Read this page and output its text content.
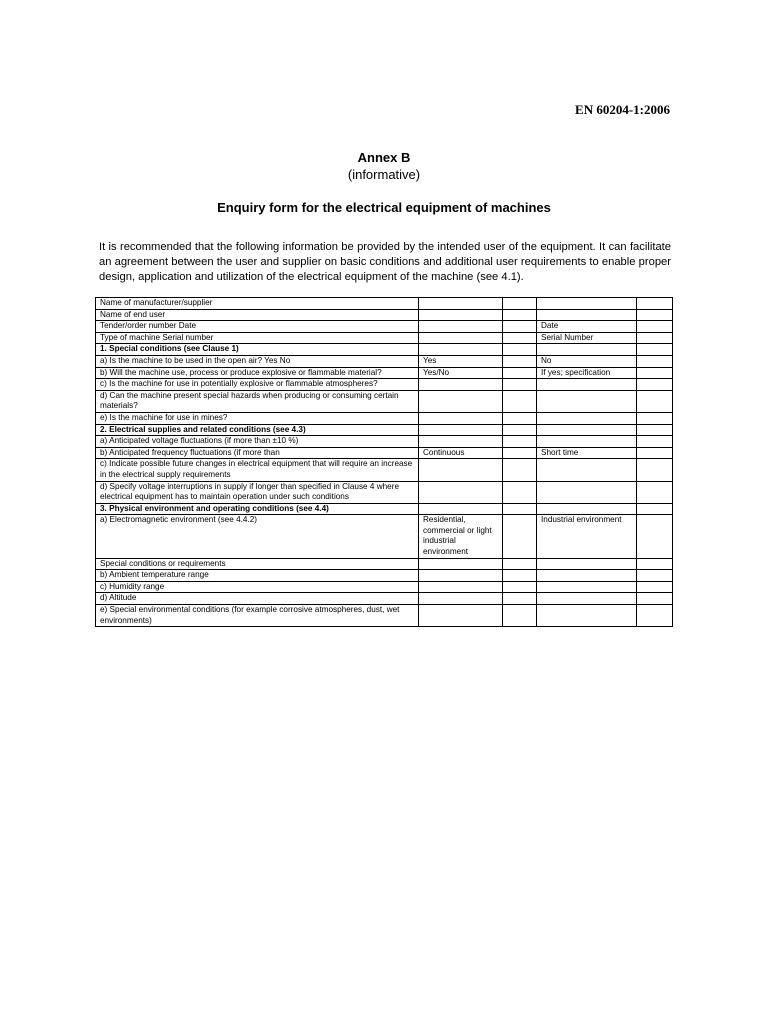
EN 60204-1:2006
Annex B
(informative)
Enquiry form for the electrical equipment of machines
It is recommended that the following information be provided by the intended user of the equipment. It can facilitate an agreement between the user and supplier on basic conditions and additional user requirements to enable proper design, application and utilization of the electrical equipment of the machine (see 4.1).
Name of manufacturer/supplier				
Name of end user				
Tender/order number Date			Date	
Type of machine Serial number			Serial Number	
1. Special conditions (see Clause 1)				
a) Is the machine to be used in the open air? Yes No	Yes		No	
b) Will the machine use, process or produce explosive or flammable material?	Yes/No		If yes; specification	
c) Is the machine for use in potentially explosive or flammable atmospheres?				
d) Can the machine present special hazards when producing or consuming certain materials?				
e) Is the machine for use in mines?				
2. Electrical supplies and related conditions (see 4.3)				
a) Anticipated voltage fluctuations (if more than ±10 %)				
b) Anticipated frequency fluctuations (if more than	Continuous		Short time	
c) Indicate possible future changes in electrical equipment that will require an increase in the electrical supply requirements				
d) Specify voltage interruptions in supply if longer than specified in Clause 4 where electrical equipment has to maintain operation under such conditions				
3. Physical environment and operating conditions (see 4.4)				
a) Electromagnetic environment (see 4.4.2)	Residential, commercial or light industrial environment		Industrial environment	
Special conditions or requirements				
b) Ambient temperature range				
c) Humidity range				
d) Altitude				
e) Special environmental conditions (for example corrosive atmospheres, dust, wet environments)				
